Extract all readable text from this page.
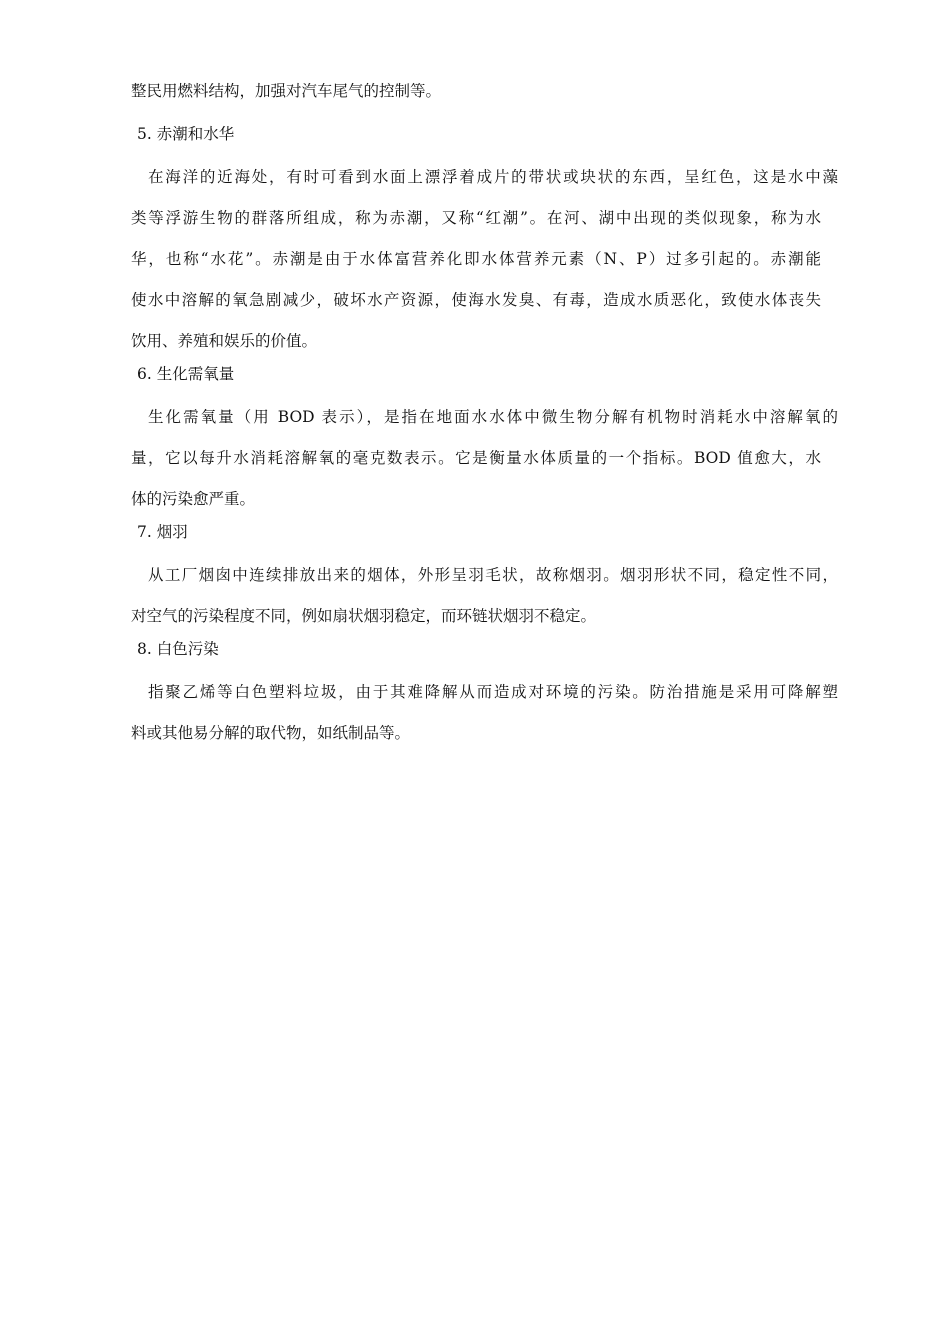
整民用燃料结构，加强对汽车尾气的控制等。

5. 赤潮和水华

在海洋的近海处，有时可看到水面上漂浮着成片的带状或块状的东西，呈红色，这是水中藻

类等浮游生物的群落所组成，称为赤潮，又称“红潮”。在河、湖中出现的类似现象，称为水

华，也称“水花”。赤潮是由于水体富营养化即水体营养元素（N、P）过多引起的。赤潮能

使水中溶解的氧急剧减少，破坏水产资源，使海水发臭、有毒，造成水质恶化，致使水体丧失

饮用、养殖和娱乐的价值。

6. 生化需氧量

生化需氧量（用 BOD 表示），是指在地面水水体中微生物分解有机物时消耗水中溶解氧的

量，它以每升水消耗溶解氧的毫克数表示。它是衡量水体质量的一个指标。BOD 值愈大，水

体的污染愈严重。

7. 烟羽

从工厂烟囱中连续排放出来的烟体，外形呈羽毛状，故称烟羽。烟羽形状不同，稳定性不同，

对空气的污染程度不同，例如扇状烟羽稳定，而环链状烟羽不稳定。

8. 白色污染

指聚乙烯等白色塑料垃圾，由于其难降解从而造成对环境的污染。防治措施是采用可降解塑

料或其他易分解的取代物，如纸制品等。
